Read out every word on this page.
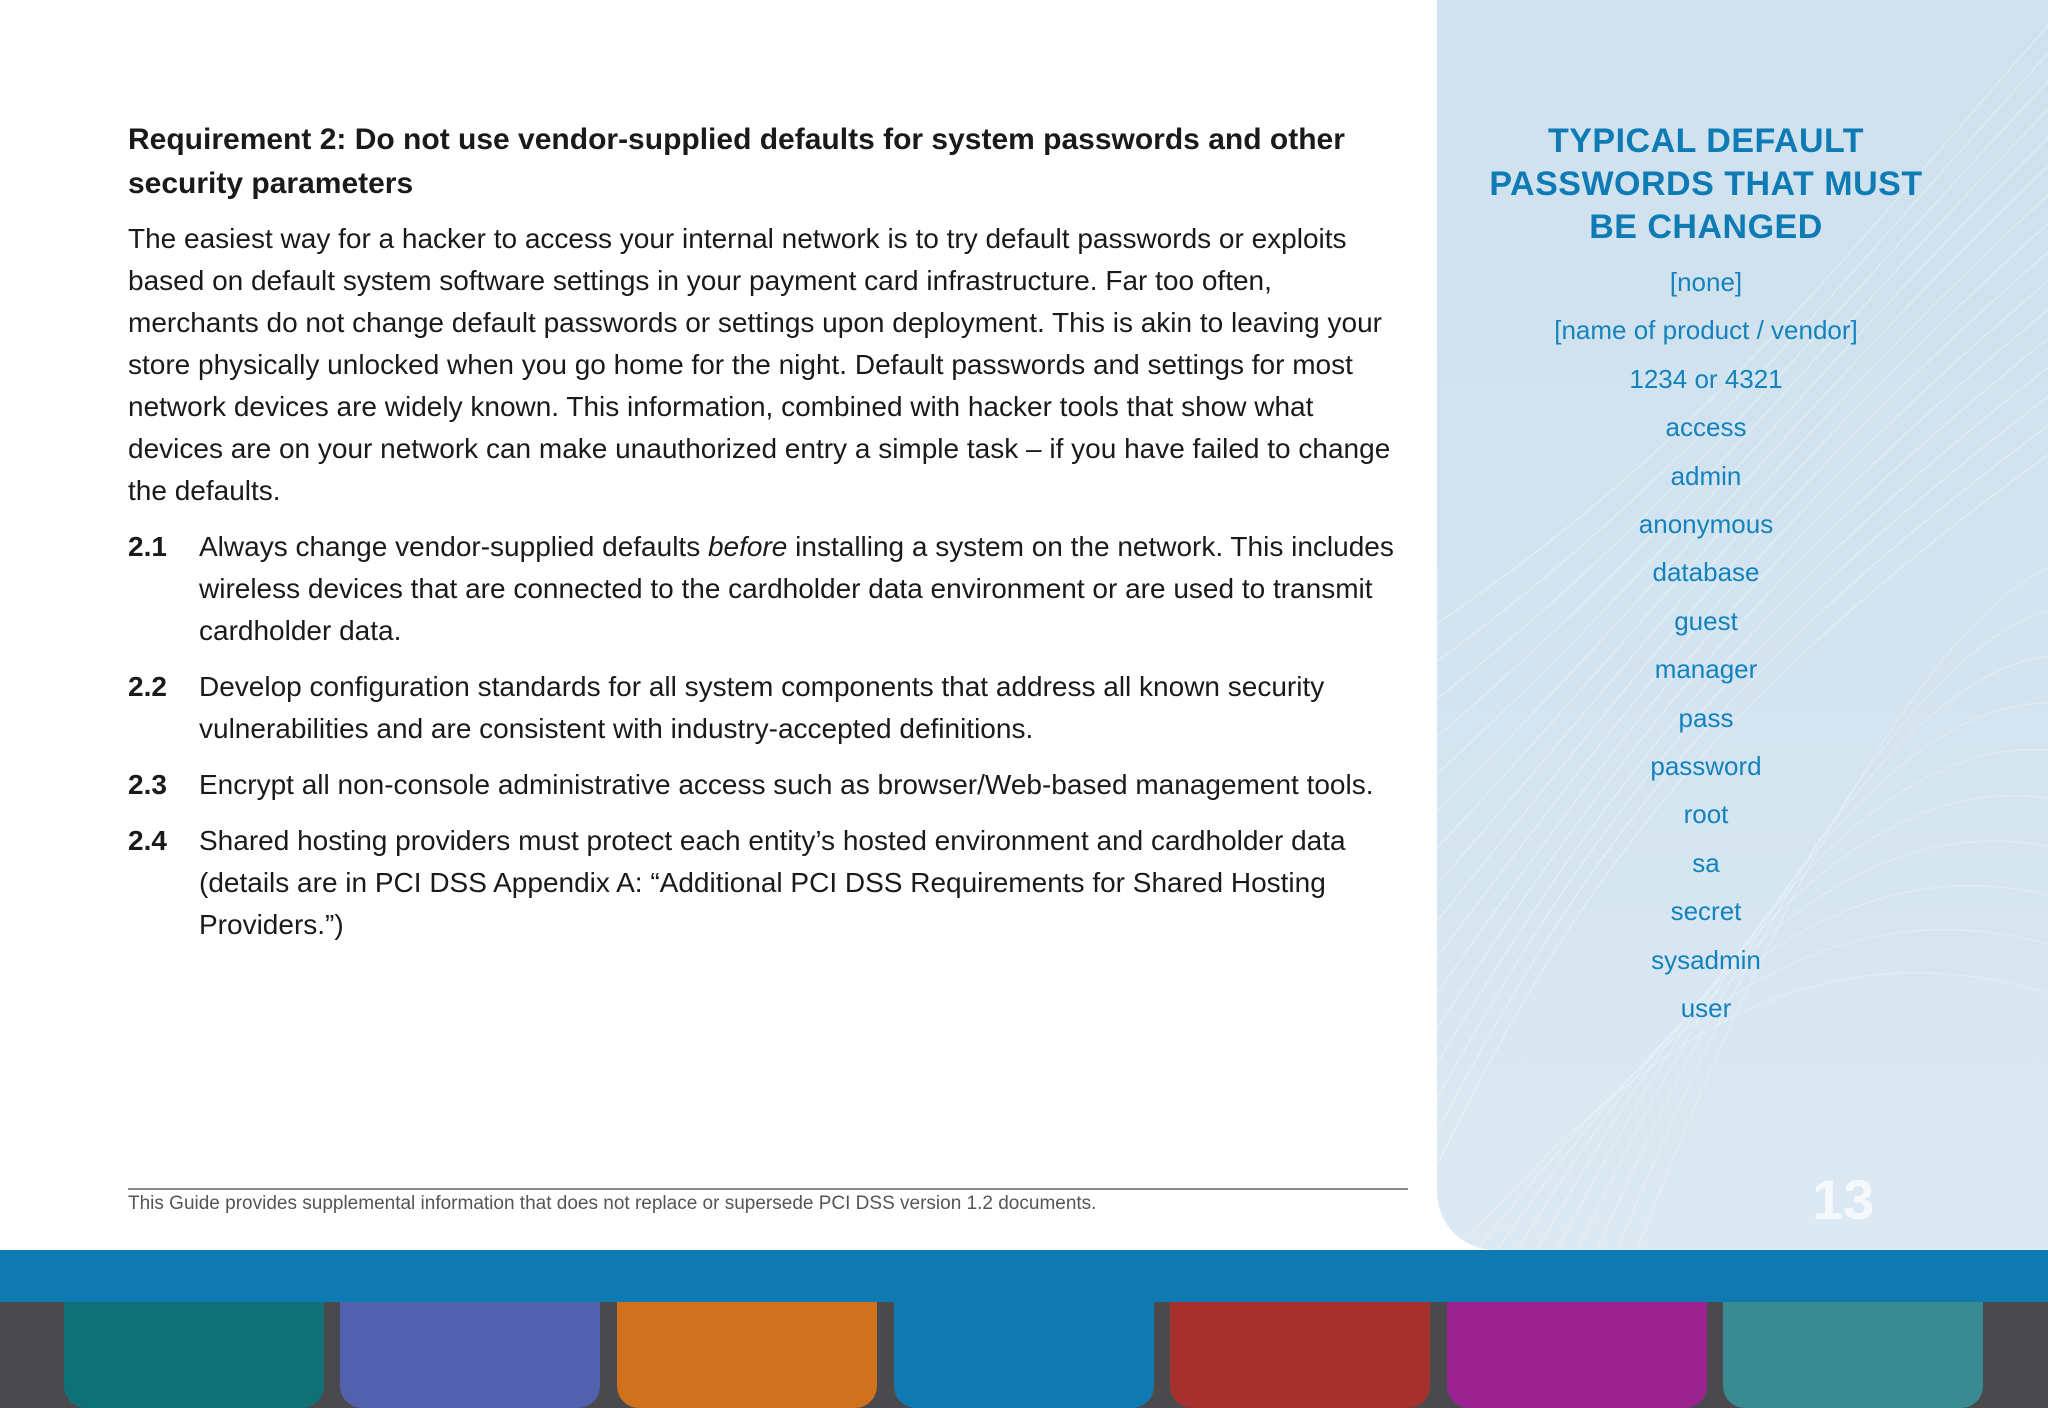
Requirement 2: Do not use vendor-supplied defaults for system passwords and other security parameters

The easiest way for a hacker to access your internal network is to try default passwords or exploits based on default system software settings in your payment card infrastructure. Far too often, merchants do not change default passwords or settings upon deployment. This is akin to leaving your store physically unlocked when you go home for the night. Default passwords and settings for most network devices are widely known. This information, combined with hacker tools that show what devices are on your network can make unauthorized entry a simple task – if you have failed to change the defaults.

2.1	Always change vendor-supplied defaults before installing a system on the network. This includes wireless devices that are connected to the cardholder data environment or are used to transmit cardholder data.
2.2	Develop configuration standards for all system components that address all known security vulnerabilities and are consistent with industry-accepted definitions.
2.3	Encrypt all non-console administrative access such as browser/Web-based management tools.
2.4	Shared hosting providers must protect each entity’s hosted environment and cardholder data (details are in PCI DSS Appendix A: “Additional PCI DSS Requirements for Shared Hosting Providers.”)
This Guide provides supplemental information that does not replace or supersede PCI DSS version 1.2 documents.
TYPICAL DEFAULT
PASSWORDS THAT MUST
BE CHANGED
[none]
[name of product / vendor]
1234 or 4321
access
admin
anonymous
database
guest
manager
pass
password
root
sa
secret
sysadmin
user
13
